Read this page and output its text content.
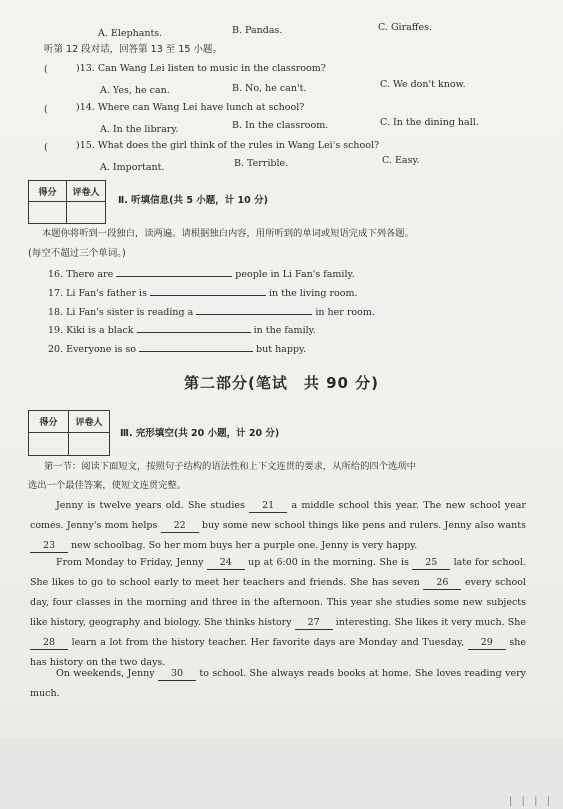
A. Elephants.	B. Pandas.	C. Giraffes.
听第 12 段对话，回答第 13 至 15 小题。
(	)13. Can Wang Lei listen to music in the classroom?
A. Yes, he can.	B. No, he can't.	C. We don't know.
(	)14. Where can Wang Lei have lunch at school?
A. In the library.	B. In the classroom.	C. In the dining hall.
(	)15. What does the girl think of the rules in Wang Lei's school?
A. Important.	B. Terrible.	C. Easy.
得分	评卷人
Ⅱ. 听填信息(共 5 小题，计 10 分)
本题你将听到一段独白，读两遍。请根据独白内容，用所听到的单词或短语完成下列各题。
(每空不超过三个单词。)
16. There are	people in Li Fan's family.
17. Li Fan's father is	in the living room.
18. Li Fan's sister is reading a	in her room.
19. Kiki is a black	in the family.
20. Everyone is so	but happy.
第二部分(笔试　共 90 分)
得分	评卷人
Ⅲ. 完形填空(共 20 小题，计 20 分)
第一节：阅读下面短文，按照句子结构的语法性和上下文连贯的要求，从所给的四个选项中
选出一个最佳答案，使短文连贯完整。
Jenny is twelve years old. She studies 21 a middle school this year. The new school year comes. Jenny's mom helps 22 buy some new school things like pens and rulers. Jenny also wants 23 new schoolbag. So her mom buys her a purple one. Jenny is very happy.
From Monday to Friday, Jenny 24 up at 6:00 in the morning. She is 25 late for school. She likes to go to school early to meet her teachers and friends. She has seven 26 every school day, four classes in the morning and three in the afternoon. This year she studies some new subjects like history, geography and biology. She thinks history 27 interesting. She likes it very much. She 28 learn a lot from the history teacher. Her favorite days are Monday and Tuesday, 29 she has history on the two days.
On weekends, Jenny 30 to school. She always reads books at home. She loves reading very much.
| | | |
